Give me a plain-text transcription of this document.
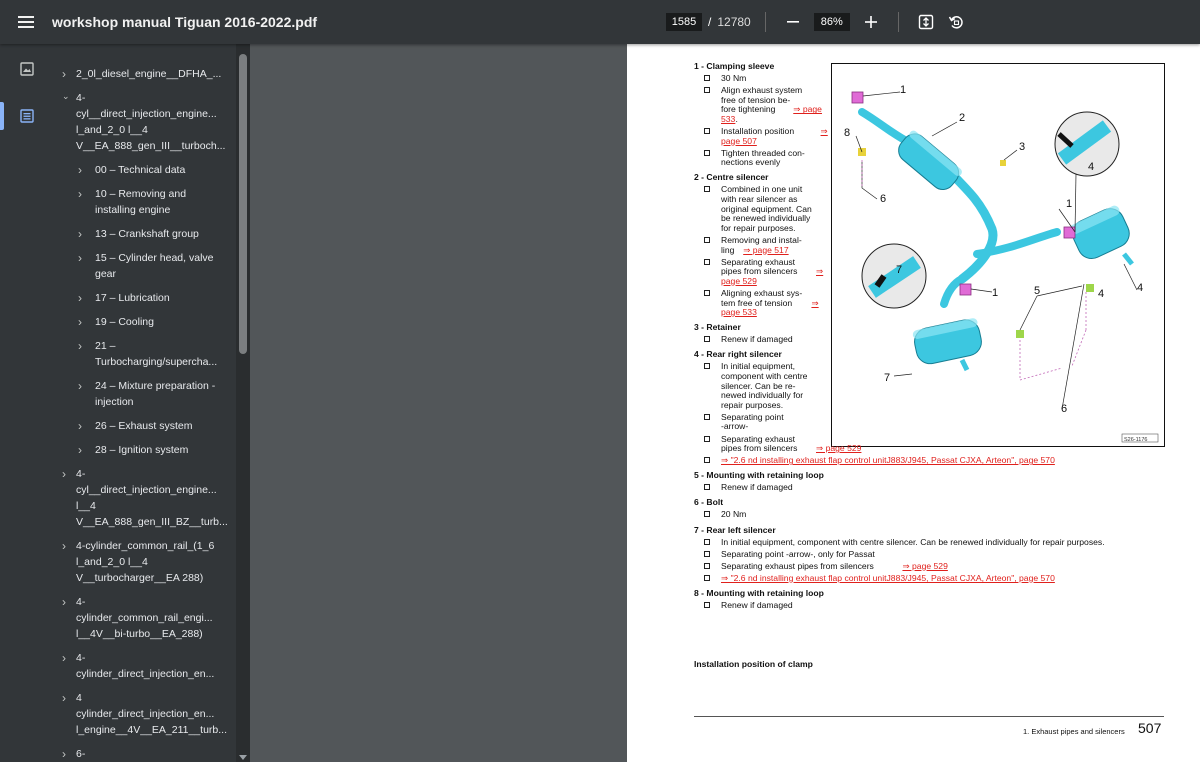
workshop manual Tiguan 2016-2022.pdf	1585 / 12780	86%
› 2_0l_diesel_engine__DFHA_...
⌄ 4-
cyl__direct_injection_engine...
l_and_2_0 l__4
V__EA_888_gen_III__turboch...
›	00 – Technical data
›	10 – Removing and
installing engine
›	13 – Crankshaft group
›	15 – Cylinder head, valve
gear
›	17 – Lubrication
›	19 – Cooling
›	21 –
Turbocharging/supercha...
›	24 – Mixture preparation -
injection
›	26 – Exhaust system
›	28 – Ignition system
› 4-
cyl__direct_injection_engine...
l__4
V__EA_888_gen_III_BZ__turb...
› 4-cylinder_common_rail_(1_6
l_and_2_0 l__4
V__turbocharger__EA 288)
› 4-
cylinder_common_rail_engi...
l__4V__bi-turbo__EA_288)
› 4-
cylinder_direct_injection_en...
› 4
cylinder_direct_injection_en...
l_engine__4V__EA_211__turb...
› 6-
1
2
3
4
5
6
7
8
1
4
7
1	4
6
S26-1176
1 - Clamping sleeve
30 Nm
Align exhaust system
free of tension be-
fore tightening ⇒ page
533 .
Installation position	⇒
page 507
Tighten threaded con-
nections evenly
2 - Centre silencer
Combined in one unit
with rear silencer as
original equipment. Can
be renewed individually
for repair purposes.
Removing and instal-
ling ⇒ page 517
Separating exhaust
pipes from silencers ⇒
page 529
Aligning exhaust sys-
tem free of tension ⇒
page 533
3 - Retainer
Renew if damaged
4 - Rear right silencer
In initial equipment,
component with centre
silencer. Can be re-
newed individually for
repair purposes.
Separating point
-arrow-
Separating exhaust
pipes from silencers ⇒ page 529
⇒ "2.6 nd installing exhaust flap control unitJ883/J945, Passat CJXA, Arteon", page 570
5 - Mounting with retaining loop
Renew if damaged
6 - Bolt
20 Nm
7 - Rear left silencer
In initial equipment, component with centre silencer. Can be renewed individually for repair purposes.
Separating point -arrow-, only for Passat
Separating exhaust pipes from silencers	⇒ page 529
⇒ "2.6 nd installing exhaust flap control unitJ883/J945, Passat CJXA, Arteon", page 570
8 - Mounting with retaining loop
Renew if damaged
Installation position of clamp
1. Exhaust pipes and silencers 507
